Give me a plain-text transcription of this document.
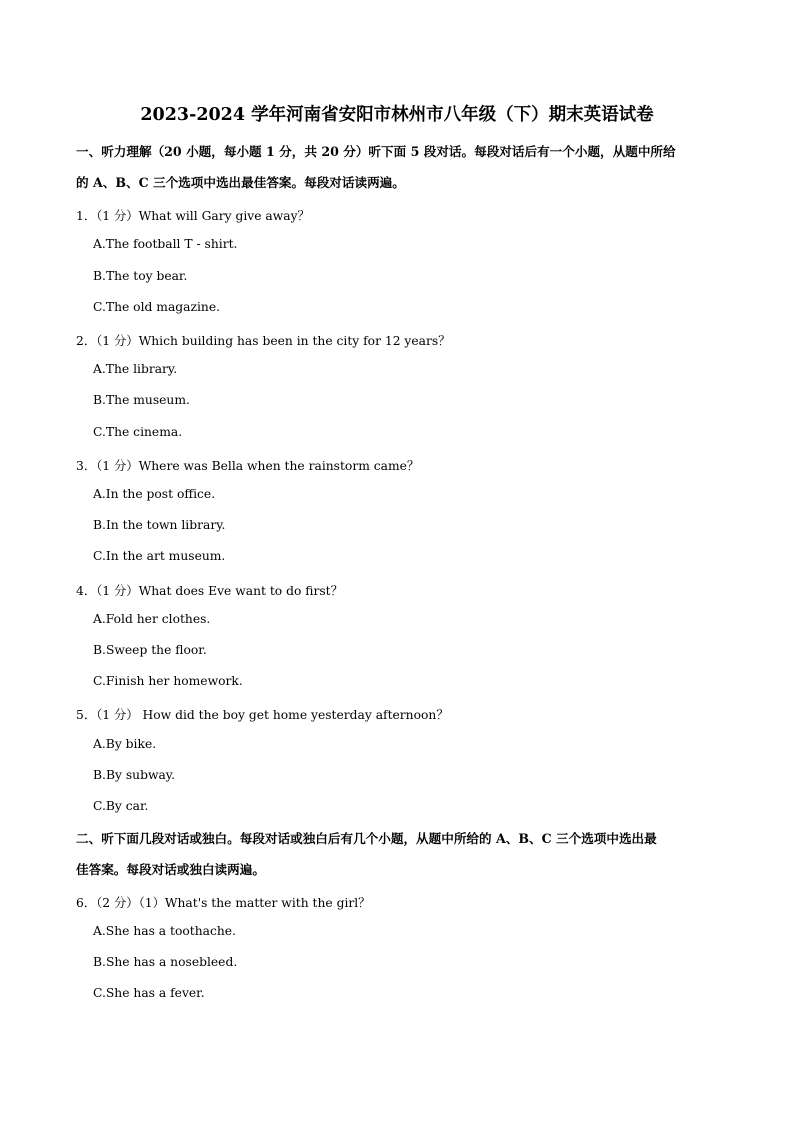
2023-2024 学年河南省安阳市林州市八年级（下）期末英语试卷
一、听力理解（20 小题，每小题 1 分，共 20 分）听下面 5 段对话。每段对话后有一个小题，从题中所给
的 A、B、C 三个选项中选出最佳答案。每段对话读两遍。
1．（1 分）What will Gary give away？
A.The football T - shirt.
B.The toy bear.
C.The old magazine.
2．（1 分）Which building has been in the city for 12 years？
A.The library.
B.The museum.
C.The cinema.
3．（1 分）Where was Bella when the rainstorm came？
A.In the post office.
B.In the town library.
C.In the art museum.
4．（1 分）What does Eve want to do first？
A.Fold her clothes.
B.Sweep the floor.
C.Finish her homework.
5．（1 分） How did the boy get home yesterday afternoon？
A.By bike.
B.By subway.
C.By car.
二、听下面几段对话或独白。每段对话或独白后有几个小题，从题中所给的 A、B、C 三个选项中选出最
佳答案。每段对话或独白读两遍。
6．（2 分）（1）What's the matter with the girl？
A.She has a toothache.
B.She has a nosebleed.
C.She has a fever.
